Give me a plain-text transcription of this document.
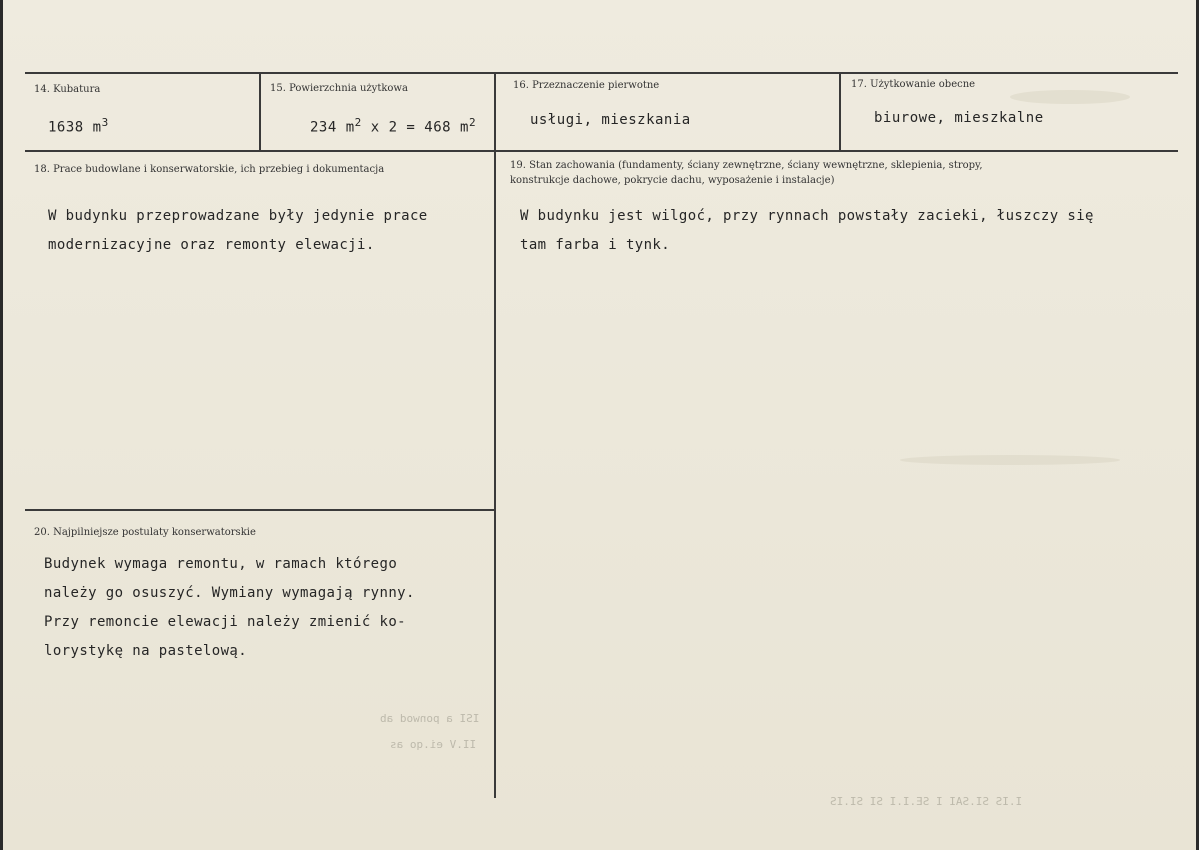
ISI a ponwod ab
II.V ei.qo as
I.IS SI.SAI I SE.I.I SI SI.IS
14. Kubatura
1638 $m^3$
15. Powierzchnia użytkowa
234 $m^2$ x 2 = 468 $m^2$
16. Przeznaczenie pierwotne
usługi, mieszkania
17. Użytkowanie obecne
biurowe, mieszkalne
18. Prace budowlane i konserwatorskie, ich przebieg i dokumentacja
W budynku przeprowadzane były jedynie prace
modernizacyjne oraz remonty elewacji.
19. Stan zachowania (fundamenty, ściany zewnętrzne, ściany wewnętrzne, sklepienia, stropy,
konstrukcje dachowe, pokrycie dachu, wyposażenie i instalacje)
W budynku jest wilgoć, przy rynnach powstały zacieki, łuszczy się
tam farba i tynk.
20. Najpilniejsze postulaty konserwatorskie
Budynek wymaga remontu, w ramach którego
należy go osuszyć. Wymiany wymagają rynny.
Przy remoncie elewacji należy zmienić ko-
lorystykę na pastelową.
